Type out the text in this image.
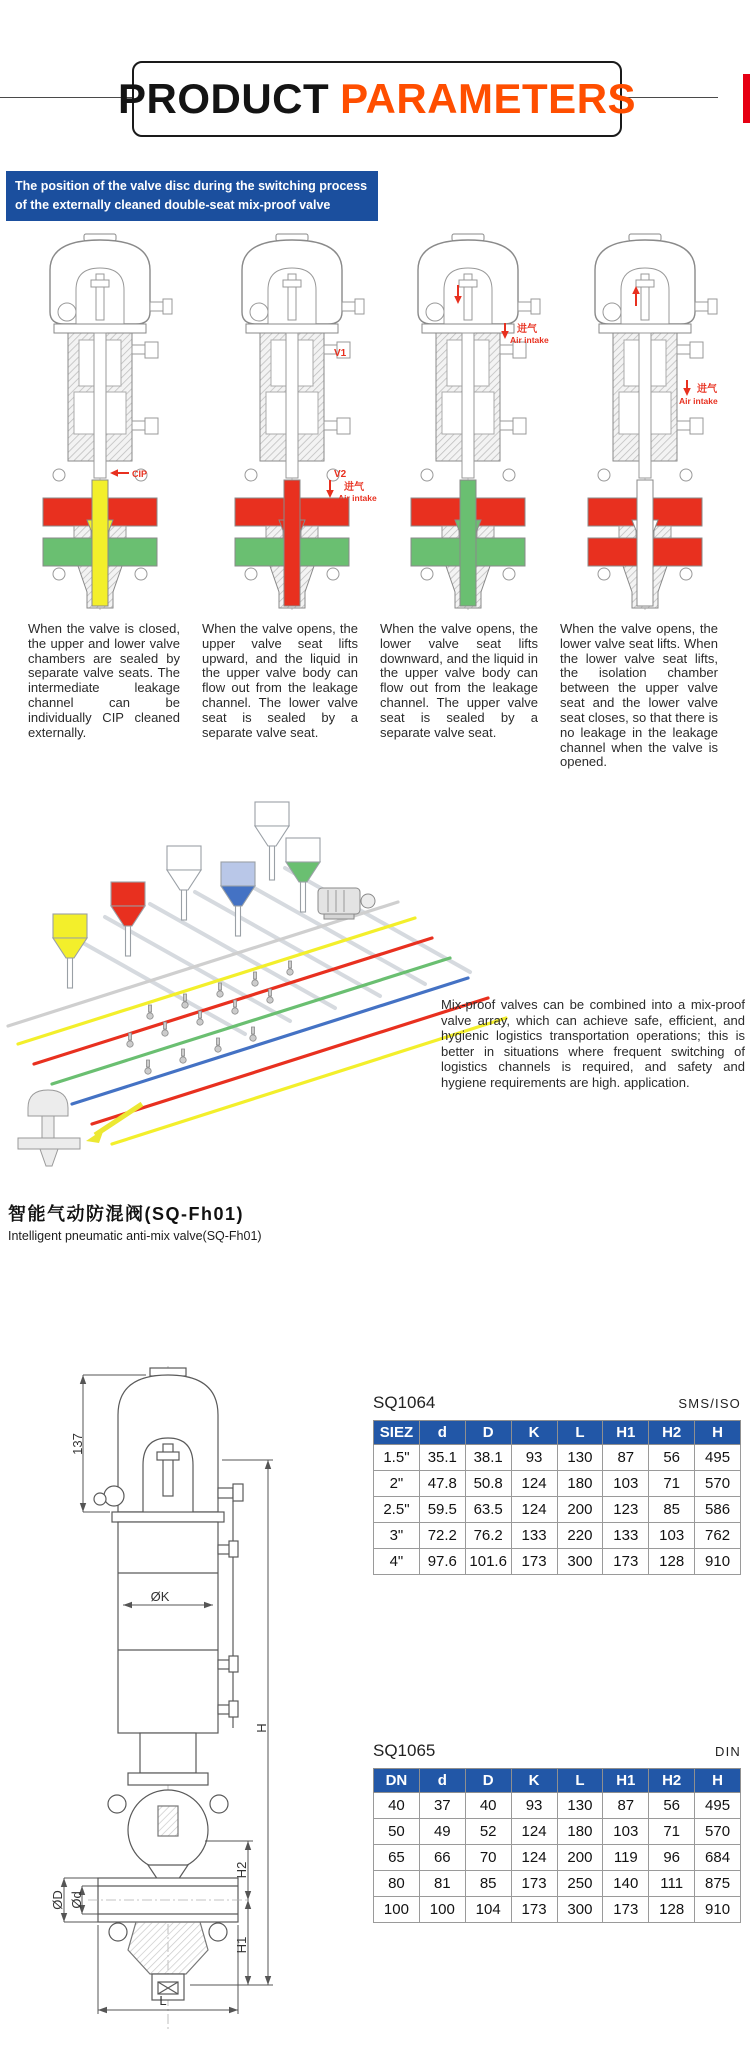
PRODUCT PARAMETERS
The position of the valve disc during the switching process
of the externally cleaned double-seat mix-proof valve
CIP
V1
V2
进气
Air intake
V3
进气
Air intake
进气
Air intake

When the valve is closed, the upper and lower valve chambers are sealed by separate valve seats. The intermediate leakage channel can be individually CIP cleaned externally.

When the valve opens, the upper valve seat lifts upward, and the liquid in the upper valve body can flow out from the leakage channel. The lower valve seat is sealed by a separate valve seat.

When the valve opens, the lower valve seat lifts downward, and the liquid in the upper valve body can flow out from the leakage channel. The upper valve seat is sealed by a separate valve seat.

When the valve opens, the lower valve seat lifts. When the lower valve seat lifts, the isolation chamber between the upper valve seat and the lower valve seat closes, so that there is no leakage in the leakage channel when the valve is opened.

Mix-proof valves can be combined into a mix-proof valve array, which can achieve safe, efficient, and hygienic logistics transportation operations; this is better in situations where frequent switching of logistics channels is required, and safety and hygiene requirements are high. application.

智能气动防混阀(SQ-Fh01)
Intelligent pneumatic anti-mix valve(SQ-Fh01)
137
ØK
H
H2
H1
ØD Ød
L
SQ1064	SMS/ISO
SIEZ	d	D	K	L	H1	H2	H
1.5"	35.1	38.1	93	130	87	56	495
2"	47.8	50.8	124	180	103	71	570
2.5"	59.5	63.5	124	200	123	85	586
3"	72.2	76.2	133	220	133	103	762
4"	97.6	101.6	173	300	173	128	910
SQ1065	DIN
DN	d	D	K	L	H1	H2	H
40	37	40	93	130	87	56	495
50	49	52	124	180	103	71	570
65	66	70	124	200	119	96	684
80	81	85	173	250	140	111	875
100	100	104	173	300	173	128	910
